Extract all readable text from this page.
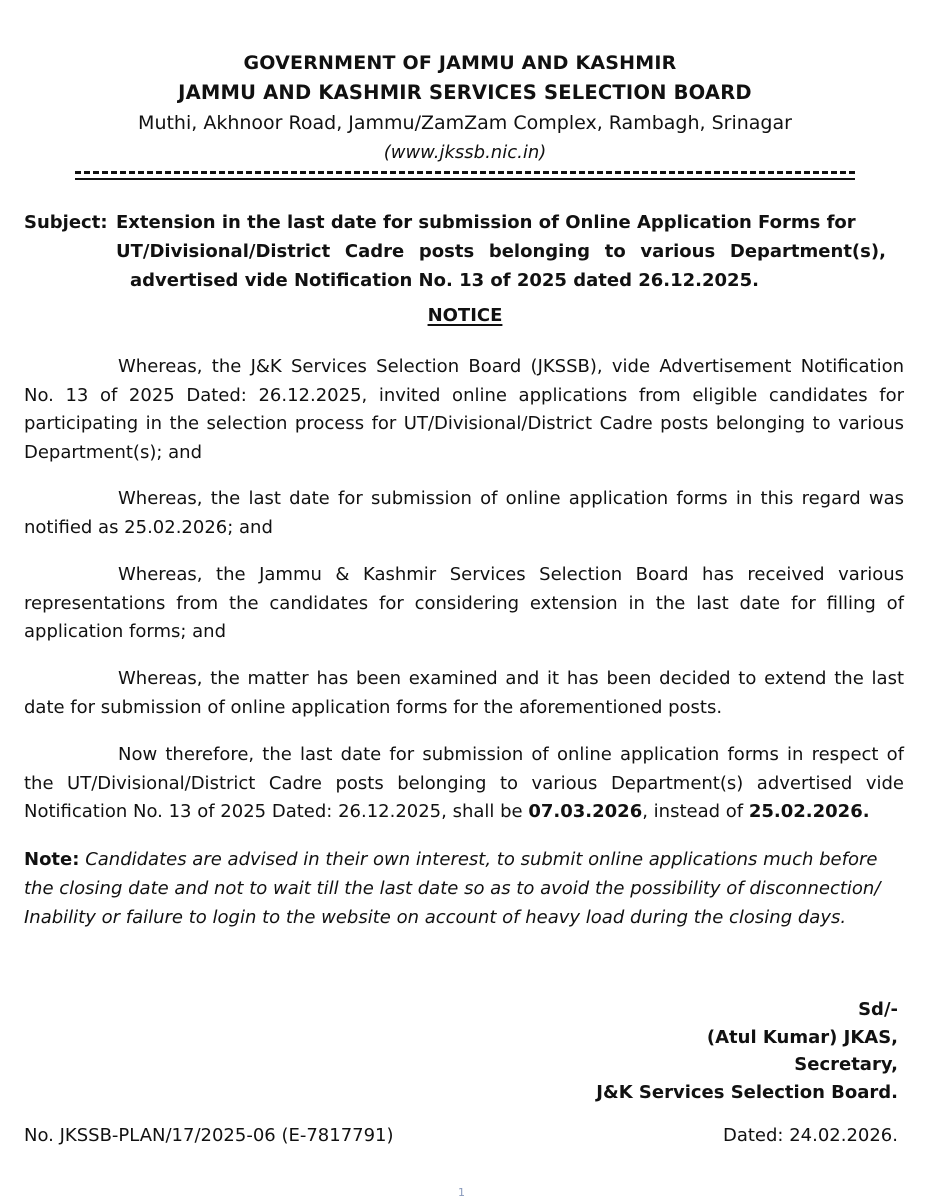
GOVERNMENT OF JAMMU AND KASHMIR
JAMMU AND KASHMIR SERVICES SELECTION BOARD
Muthi, Akhnoor Road, Jammu/ZamZam Complex, Rambagh, Srinagar
(www.jkssb.nic.in)
Subject: Extension in the last date for submission of Online Application Forms for
UT/Divisional/District Cadre posts belonging to various Department(s),
advertised vide Notification No. 13 of 2025 dated 26.12.2025.
NOTICE

Whereas, the J&K Services Selection Board (JKSSB), vide Advertisement Notification No. 13 of 2025 Dated: 26.12.2025, invited online applications from eligible candidates for participating in the selection process for UT/Divisional/District Cadre posts belonging to various Department(s); and

Whereas, the last date for submission of online application forms in this regard was notified as 25.02.2026; and

Whereas, the Jammu & Kashmir Services Selection Board has received various representations from the candidates for considering extension in the last date for filling of application forms; and

Whereas, the matter has been examined and it has been decided to extend the last date for submission of online application forms for the aforementioned posts.

Now therefore, the last date for submission of online application forms in respect of the UT/Divisional/District Cadre posts belonging to various Department(s) advertised vide Notification No. 13 of 2025 Dated: 26.12.2025, shall be 07.03.2026, instead of 25.02.2026.

Note: Candidates are advised in their own interest, to submit online applications much before the closing date and not to wait till the last date so as to avoid the possibility of disconnection/ Inability or failure to login to the website on account of heavy load during the closing days.
Sd/-
(Atul Kumar) JKAS,
Secretary,
J&K Services Selection Board.
No. JKSSB-PLAN/17/2025-06 (E-7817791)	Dated: 24.02.2026.
1
